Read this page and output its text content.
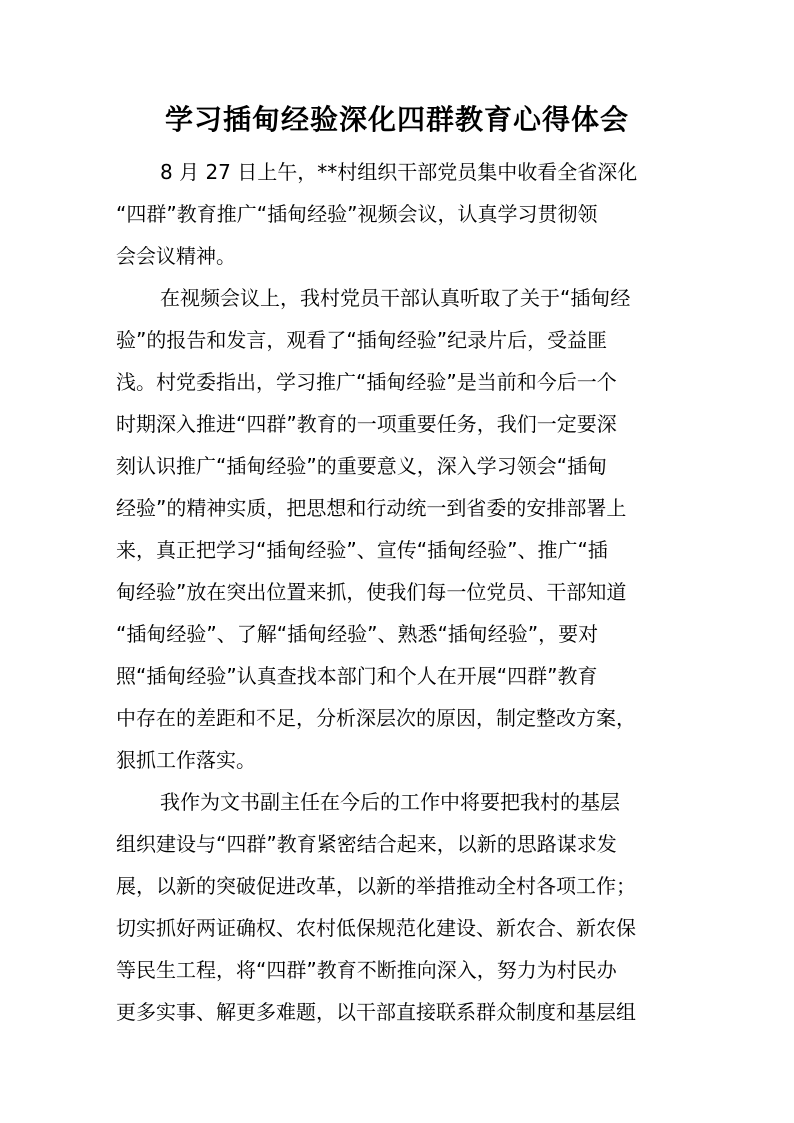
学习插甸经验深化四群教育心得体会
8 月 27 日上午，**村组织干部党员集中收看全省深化
“四群”教育推广“插甸经验”视频会议，认真学习贯彻领
会会议精神。
在视频会议上，我村党员干部认真听取了关于“插甸经
验”的报告和发言，观看了“插甸经验”纪录片后，受益匪
浅。村党委指出，学习推广“插甸经验”是当前和今后一个
时期深入推进“四群”教育的一项重要任务，我们一定要深
刻认识推广“插甸经验”的重要意义，深入学习领会“插甸
经验”的精神实质，把思想和行动统一到省委的安排部署上
来，真正把学习“插甸经验”、宣传“插甸经验”、推广“插
甸经验”放在突出位置来抓，使我们每一位党员、干部知道
“插甸经验”、了解“插甸经验”、熟悉“插甸经验”，要对
照“插甸经验”认真查找本部门和个人在开展“四群”教育
中存在的差距和不足，分析深层次的原因，制定整改方案，
狠抓工作落实。
我作为文书副主任在今后的工作中将要把我村的基层
组织建设与“四群”教育紧密结合起来，以新的思路谋求发
展，以新的突破促进改革，以新的举措推动全村各项工作；
切实抓好两证确权、农村低保规范化建设、新农合、新农保
等民生工程，将“四群”教育不断推向深入，努力为村民办
更多实事、解更多难题，以干部直接联系群众制度和基层组
